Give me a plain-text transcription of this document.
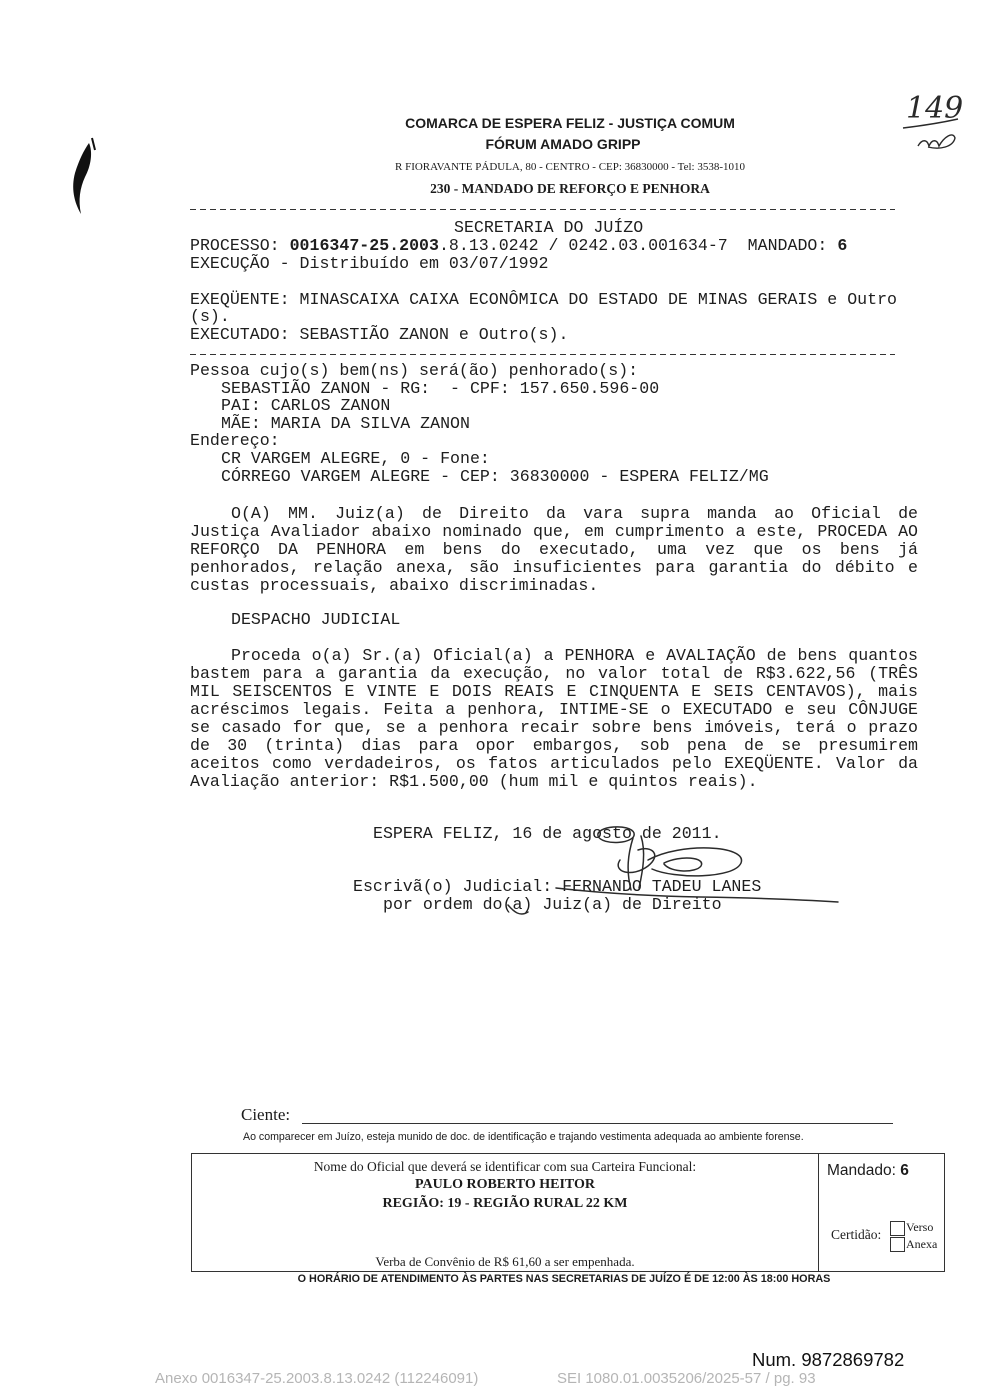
149
COMARCA DE ESPERA FELIZ - JUSTIÇA COMUM
FÓRUM AMADO GRIPP
R FIORAVANTE PÁDULA, 80 - CENTRO - CEP: 36830000 - Tel: 3538-1010
230 - MANDADO DE REFORÇO E PENHORA
SECRETARIA DO JUÍZO
PROCESSO: 0016347-25.2003.8.13.0242 / 0242.03.001634-7 MANDADO: 6
EXECUÇÃO - Distribuído em 03/07/1992
EXEQÜENTE: MINASCAIXA CAIXA ECONÔMICA DO ESTADO DE MINAS GERAIS e Outro
(s).
EXECUTADO: SEBASTIÃO ZANON e Outro(s).
Pessoa cujo(s) bem(ns) será(ão) penhorado(s):
SEBASTIÃO ZANON - RG:  - CPF: 157.650.596-00
PAI: CARLOS ZANON
MÃE: MARIA DA SILVA ZANON
Endereço:
CR VARGEM ALEGRE, 0 - Fone:
CÓRREGO VARGEM ALEGRE - CEP: 36830000 - ESPERA FELIZ/MG
O(A) MM. Juiz(a) de Direito da vara supra manda ao Oficial de
Justiça Avaliador abaixo nominado que, em cumprimento a este, PROCEDA AO
REFORÇO DA PENHORA em bens do executado, uma vez que os bens já
penhorados, relação anexa, são insuficientes para garantia do débito e
custas processuais, abaixo discriminadas.
DESPACHO JUDICIAL
Proceda o(a) Sr.(a) Oficial(a) a PENHORA e AVALIAÇÃO de bens quantos
bastem para a garantia da execução, no valor total de R$3.622,56 (TRÊS
MIL SEISCENTOS E VINTE E DOIS REAIS E CINQUENTA E SEIS CENTAVOS), mais
acréscimos legais. Feita a penhora, INTIME-SE o EXECUTADO e seu CÔNJUGE
se casado for que, se a penhora recair sobre bens imóveis, terá o prazo
de 30 (trinta) dias para opor embargos, sob pena de se presumirem
aceitos como verdadeiros, os fatos articulados pelo EXEQÜENTE. Valor da
Avaliação anterior: R$1.500,00 (hum mil e quintos reais).
ESPERA FELIZ, 16 de agosto de 2011.
Escrivã(o) Judicial: FERNANDO TADEU LANES
por ordem do(a) Juiz(a) de Direito
Ciente:
Ao comparecer em Juízo, esteja munido de doc. de identificação e trajando vestimenta adequada ao ambiente forense.
Nome do Oficial que deverá se identificar com sua Carteira Funcional:
PAULO ROBERTO HEITOR
REGIÃO: 19 - REGIÃO RURAL 22 KM
Verba de Convênio de R$ 61,60 a ser empenhada.
Mandado: 6
Certidão: Verso
Anexa
O HORÁRIO DE ATENDIMENTO ÀS PARTES NAS SECRETARIAS DE JUÍZO É DE 12:00 ÀS 18:00 HORAS
Num. 9872869782
Anexo 0016347-25.2003.8.13.0242 (112246091)	SEI 1080.01.0035206/2025-57 / pg. 93
